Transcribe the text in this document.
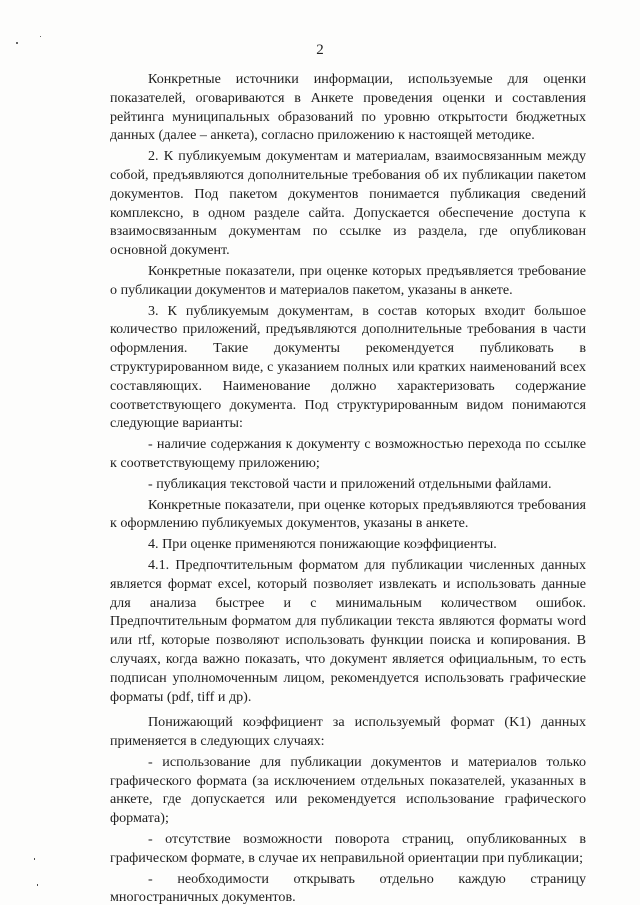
2

Конкретные источники информации, используемые для оценки показателей, оговариваются в Анкете проведения оценки и составления рейтинга муниципальных образований по уровню открытости бюджетных данных (далее – анкета), согласно приложению к настоящей методике.

2. К публикуемым документам и материалам, взаимосвязанным между собой, предъявляются дополнительные требования об их публикации пакетом документов. Под пакетом документов понимается публикация сведений комплексно, в одном разделе сайта. Допускается обеспечение доступа к взаимосвязанным документам по ссылке из раздела, где опубликован основной документ.

Конкретные показатели, при оценке которых предъявляется требование о публикации документов и материалов пакетом, указаны в анкете.

3. К публикуемым документам, в состав которых входит большое количество приложений, предъявляются дополнительные требования в части оформления. Такие документы рекомендуется публиковать в структурированном виде, с указанием полных или кратких наименований всех составляющих. Наименование должно характеризовать содержание соответствующего документа. Под структурированным видом понимаются следующие варианты:

- наличие содержания к документу с возможностью перехода по ссылке к соответствующему приложению;

- публикация текстовой части и приложений отдельными файлами.

Конкретные показатели, при оценке которых предъявляются требования к оформлению публикуемых документов, указаны в анкете.

4. При оценке применяются понижающие коэффициенты.

4.1. Предпочтительным форматом для публикации численных данных является формат excel, который позволяет извлекать и использовать данные для анализа быстрее и с минимальным количеством ошибок. Предпочтительным форматом для публикации текста являются форматы word или rtf, которые позволяют использовать функции поиска и копирования. В случаях, когда важно показать, что документ является официальным, то есть подписан уполномоченным лицом, рекомендуется использовать графические форматы (pdf, tiff и др).

Понижающий коэффициент за используемый формат (K1) данных применяется в следующих случаях:

- использование для публикации документов и материалов только графического формата (за исключением отдельных показателей, указанных в анкете, где допускается или рекомендуется использование графического формата);

- отсутствие возможности поворота страниц, опубликованных в графическом формате, в случае их неправильной ориентации при публикации;

- необходимости открывать отдельно каждую страницу многостраничных документов.
